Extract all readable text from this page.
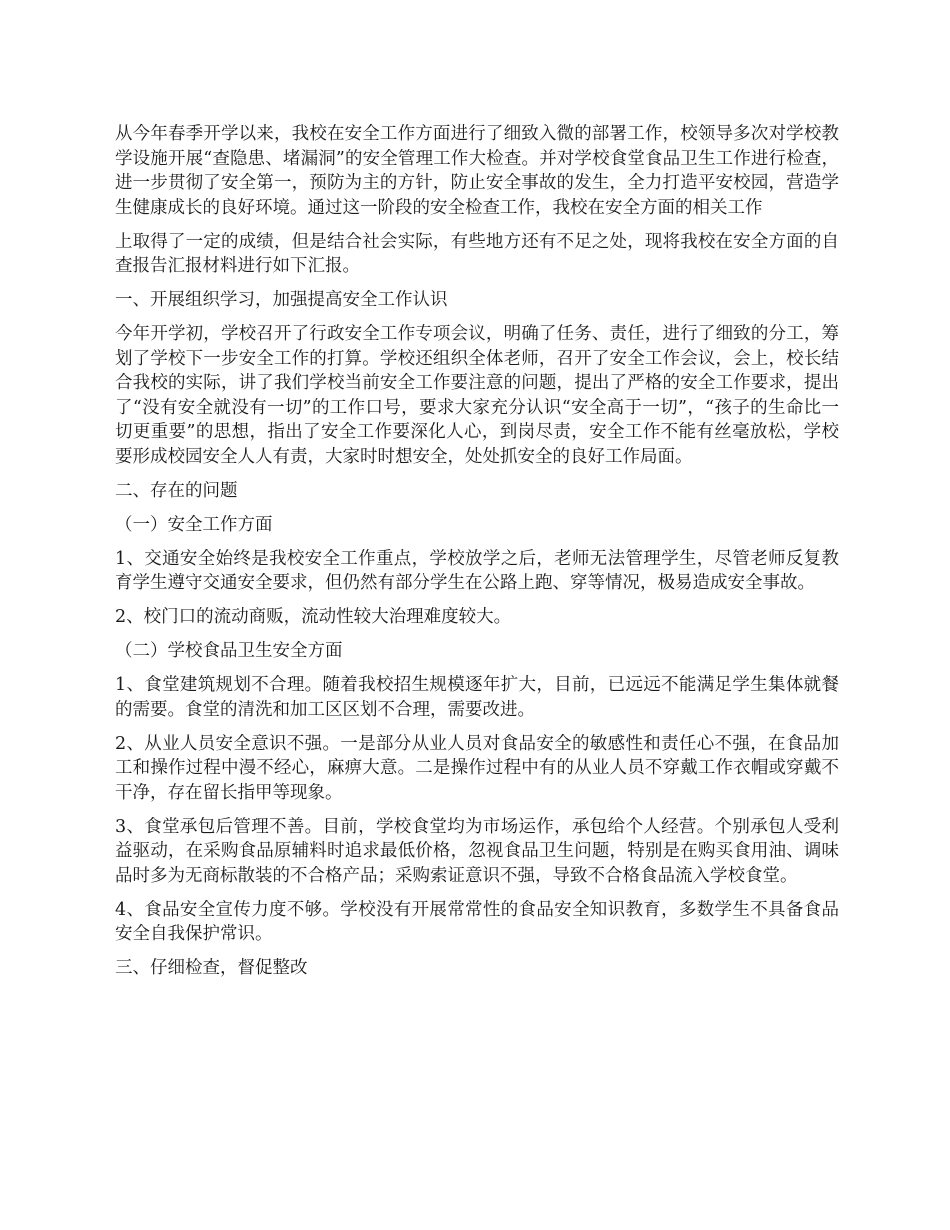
从今年春季开学以来，我校在安全工作方面进行了细致入微的部署工作，校领导多次对学校教学设施开展“查隐患、堵漏洞”的安全管理工作大检查。并对学校食堂食品卫生工作进行检查，进一步贯彻了安全第一，预防为主的方针，防止安全事故的发生，全力打造平安校园，营造学生健康成长的良好环境。通过这一阶段的安全检查工作，我校在安全方面的相关工作

上取得了一定的成绩，但是结合社会实际，有些地方还有不足之处，现将我校在安全方面的自查报告汇报材料进行如下汇报。

一、开展组织学习，加强提高安全工作认识

今年开学初，学校召开了行政安全工作专项会议，明确了任务、责任，进行了细致的分工，筹划了学校下一步安全工作的打算。学校还组织全体老师，召开了安全工作会议，会上，校长结合我校的实际，讲了我们学校当前安全工作要注意的问题，提出了严格的安全工作要求，提出了“没有安全就没有一切”的工作口号，要求大家充分认识“安全高于一切”，“孩子的生命比一切更重要”的思想，指出了安全工作要深化人心，到岗尽责，安全工作不能有丝毫放松，学校要形成校园安全人人有责，大家时时想安全，处处抓安全的良好工作局面。

二、存在的问题

（一）安全工作方面

1、交通安全始终是我校安全工作重点，学校放学之后，老师无法管理学生，尽管老师反复教育学生遵守交通安全要求，但仍然有部分学生在公路上跑、穿等情况，极易造成安全事故。

2、校门口的流动商贩，流动性较大治理难度较大。

（二）学校食品卫生安全方面

1、食堂建筑规划不合理。随着我校招生规模逐年扩大，目前，已远远不能满足学生集体就餐的需要。食堂的清洗和加工区区划不合理，需要改进。

2、从业人员安全意识不强。一是部分从业人员对食品安全的敏感性和责任心不强，在食品加工和操作过程中漫不经心，麻痹大意。二是操作过程中有的从业人员不穿戴工作衣帽或穿戴不干净，存在留长指甲等现象。

3、食堂承包后管理不善。目前，学校食堂均为市场运作，承包给个人经营。个别承包人受利益驱动，在采购食品原辅料时追求最低价格，忽视食品卫生问题，特别是在购买食用油、调味品时多为无商标散装的不合格产品；采购索证意识不强，导致不合格食品流入学校食堂。

4、食品安全宣传力度不够。学校没有开展常常性的食品安全知识教育，多数学生不具备食品安全自我保护常识。

三、仔细检查，督促整改
